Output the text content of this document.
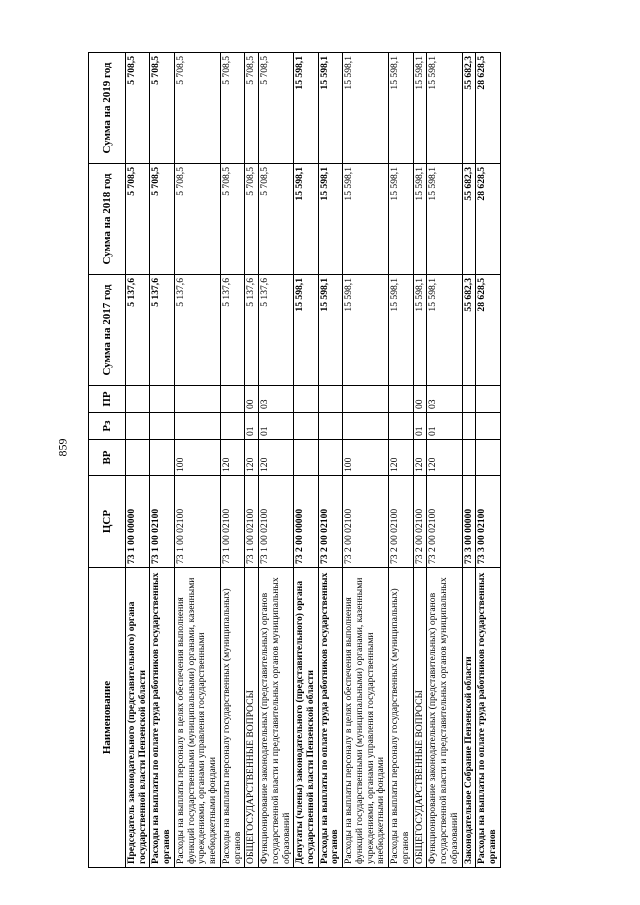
859
Наименование	ЦСР	ВР	Рз	ПР	Сумма на 2017 год	Сумма на 2018 год	Сумма на 2019 год
Председатель законодательного (представительного) органа государственной власти Пензенской области	73 1 00 00000				5 137,6	5 708,5	5 708,5
Расходы на выплаты по оплате труда работников государственных органов	73 1 00 02100				5 137,6	5 708,5	5 708,5
Расходы на выплаты персоналу в целях обеспечения выполнения функций государственными (муниципальными) органами, казенными учреждениями, органами управления государственными внебюджетными фондами	73 1 00 02100	100			5 137,6	5 708,5	5 708,5
Расходы на выплаты персоналу государственных (муниципальных) органов	73 1 00 02100	120			5 137,6	5 708,5	5 708,5
ОБЩЕГОСУДАРСТВЕННЫЕ ВОПРОСЫ	73 1 00 02100	120	01	00	5 137,6	5 708,5	5 708,5
Функционирование законодательных (представительных) органов государственной власти и представительных органов муниципальных образований	73 1 00 02100	120	01	03	5 137,6	5 708,5	5 708,5
Депутаты (члены) законодательного (представительного) органа государственной власти Пензенской области	73 2 00 00000				15 598,1	15 598,1	15 598,1
Расходы на выплаты по оплате труда работников государственных органов	73 2 00 02100				15 598,1	15 598,1	15 598,1
Расходы на выплаты персоналу в целях обеспечения выполнения функций государственными (муниципальными) органами, казенными учреждениями, органами управления государственными внебюджетными фондами	73 2 00 02100	100			15 598,1	15 598,1	15 598,1
Расходы на выплаты персоналу государственных (муниципальных) органов	73 2 00 02100	120			15 598,1	15 598,1	15 598,1
ОБЩЕГОСУДАРСТВЕННЫЕ ВОПРОСЫ	73 2 00 02100	120	01	00	15 598,1	15 598,1	15 598,1
Функционирование законодательных (представительных) органов государственной власти и представительных органов муниципальных образований	73 2 00 02100	120	01	03	15 598,1	15 598,1	15 598,1
Законодательное Собрание Пензенской области	73 3 00 00000				55 682,3	55 682,3	55 682,3
Расходы на выплаты по оплате труда работников государственных органов	73 3 00 02100				28 628,5	28 628,5	28 628,5
